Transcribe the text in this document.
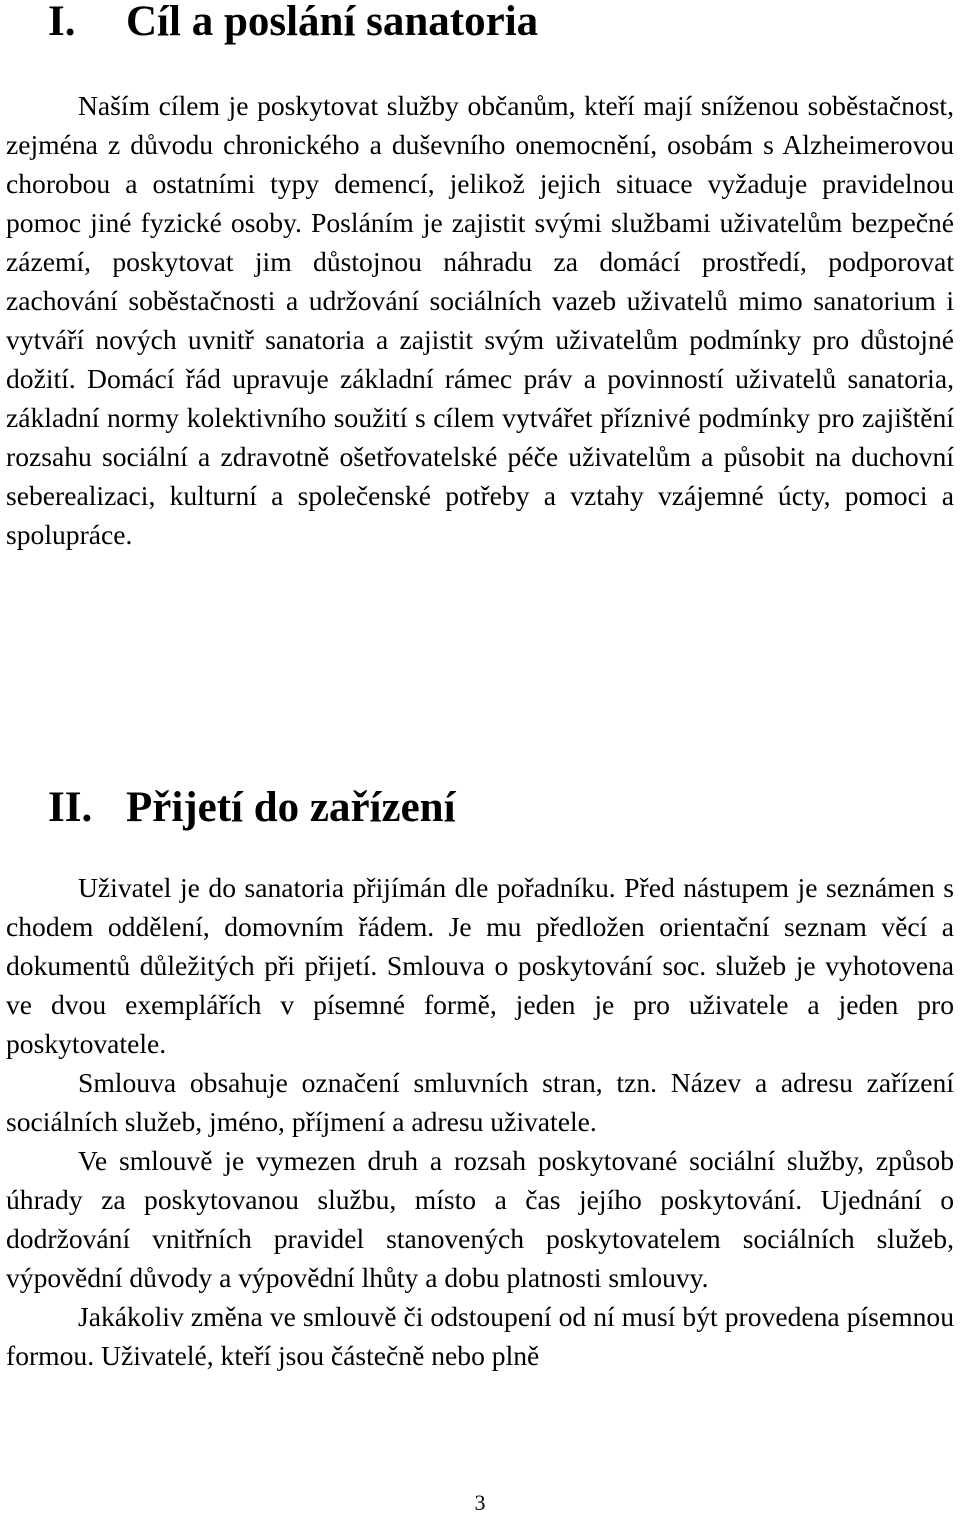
I. Cíl a poslání sanatoria
Naším cílem je poskytovat služby občanům, kteří mají sníženou soběstačnost, zejména z důvodu chronického a duševního onemocnění, osobám s Alzheimerovou chorobou a ostatními typy demencí, jelikož jejich situace vyžaduje pravidelnou pomoc jiné fyzické osoby. Posláním je zajistit svými službami uživatelům bezpečné zázemí, poskytovat jim důstojnou náhradu za domácí prostředí, podporovat zachování soběstačnosti a udržování sociálních vazeb uživatelů mimo sanatorium i vytváří nových uvnitř sanatoria a zajistit svým uživatelům podmínky pro důstojné dožití. Domácí řád upravuje základní rámec práv a povinností uživatelů sanatoria, základní normy kolektivního soužití s cílem vytvářet příznivé podmínky pro zajištění rozsahu sociální a zdravotně ošetřovatelské péče uživatelům a působit na duchovní seberealizaci, kulturní a společenské potřeby a vztahy vzájemné úcty, pomoci a spolupráce.
II. Přijetí do zařízení
Uživatel je do sanatoria přijímán dle pořadníku. Před nástupem je seznámen s chodem oddělení, domovním řádem. Je mu předložen orientační seznam věcí a dokumentů důležitých při přijetí. Smlouva o poskytování soc. služeb je vyhotovena ve dvou exemplářích v písemné formě, jeden je pro uživatele a jeden pro poskytovatele.
Smlouva obsahuje označení smluvních stran, tzn. Název a adresu zařízení sociálních služeb, jméno, příjmení a adresu uživatele.
Ve smlouvě je vymezen druh a rozsah poskytované sociální služby, způsob úhrady za poskytovanou službu, místo a čas jejího poskytování. Ujednání o dodržování vnitřních pravidel stanovených poskytovatelem sociálních služeb, výpovědní důvody a výpovědní lhůty a dobu platnosti smlouvy.
Jakákoliv změna ve smlouvě či odstoupení od ní musí být provedena písemnou formou. Uživatelé, kteří jsou částečně nebo plně
3
